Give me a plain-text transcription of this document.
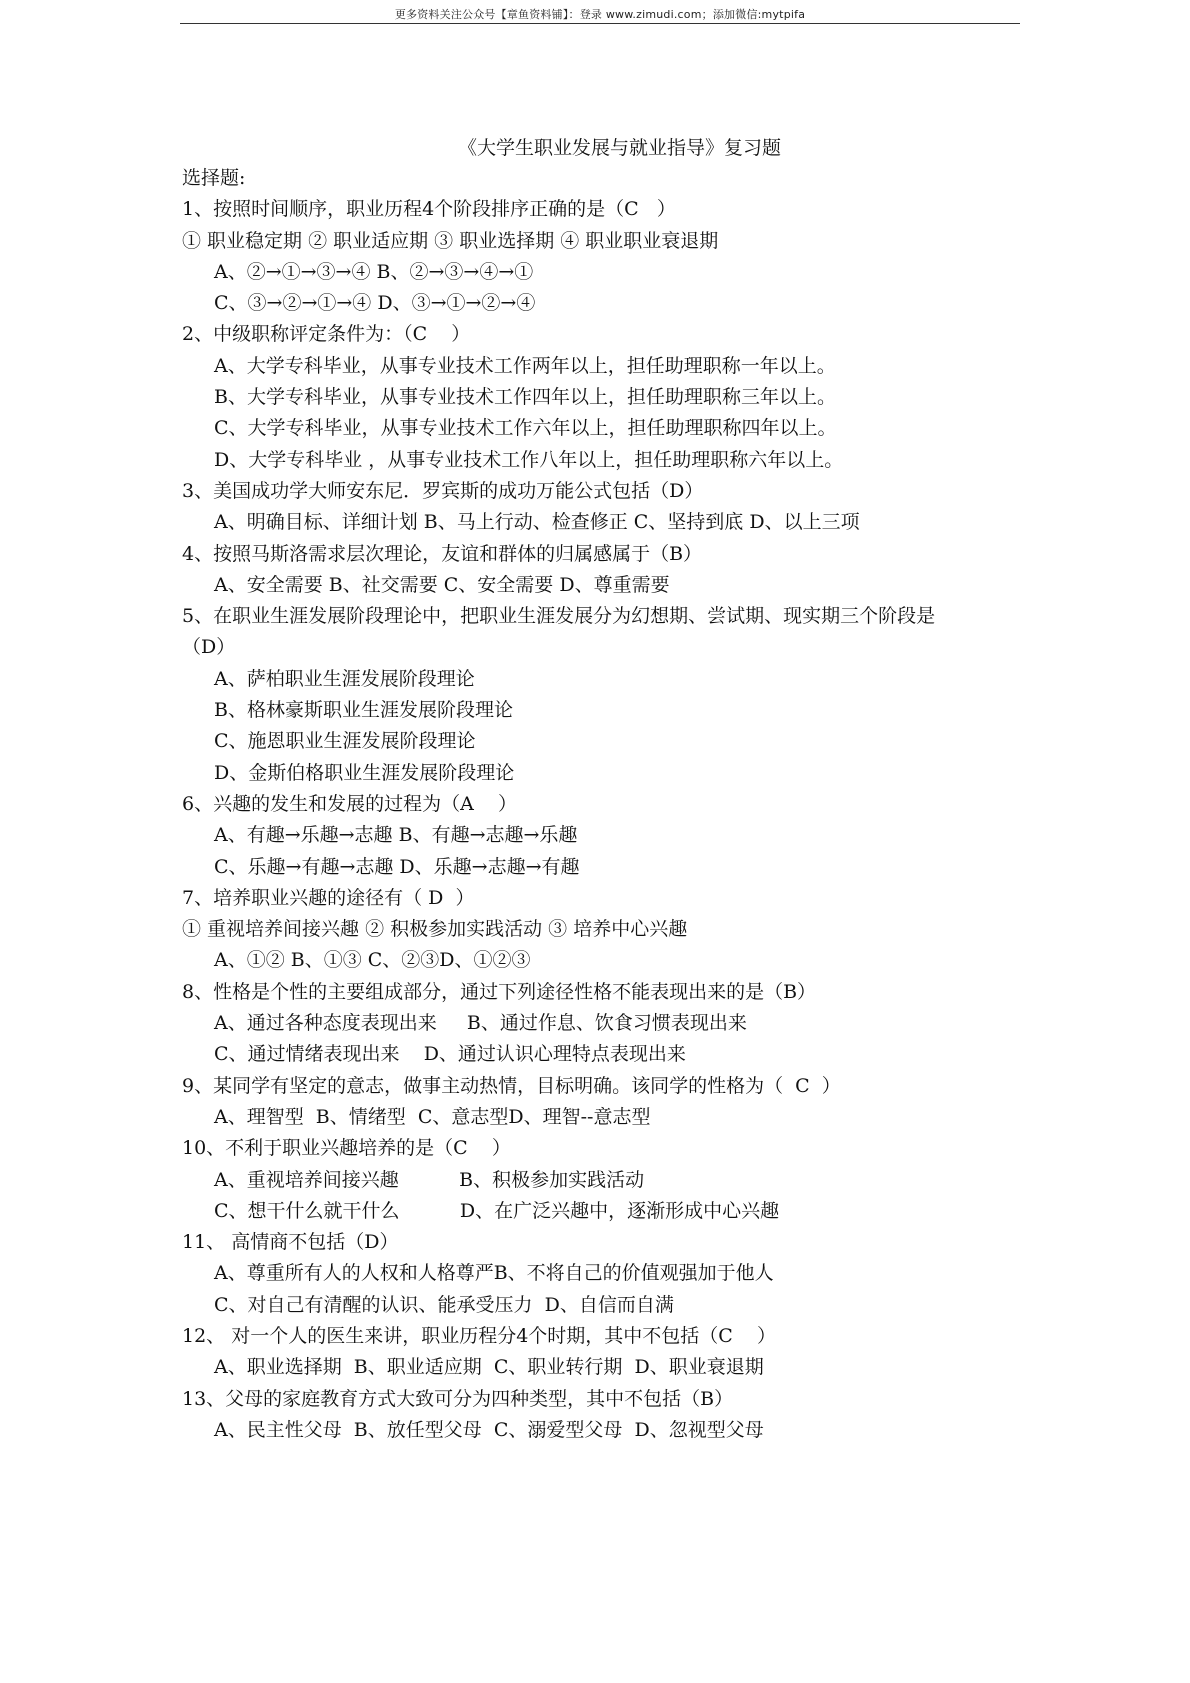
更多资料关注公众号【章鱼资料铺】：登录 www.zimudi.com；添加微信:mytpifa
《大学生职业发展与就业指导》复习题
选择题:
1、按照时间顺序，职业历程4个阶段排序正确的是（C   ）
① 职业稳定期 ② 职业适应期 ③ 职业选择期 ④ 职业职业衰退期
A、②→①→③→④ B、②→③→④→①
C、③→②→①→④ D、③→①→②→④
2、中级职称评定条件为：（C    ）
A、大学专科毕业，从事专业技术工作两年以上，担任助理职称一年以上。
B、大学专科毕业，从事专业技术工作四年以上，担任助理职称三年以上。
C、大学专科毕业，从事专业技术工作六年以上，担任助理职称四年以上。
D、大学专科毕业 ，从事专业技术工作八年以上，担任助理职称六年以上。
3、美国成功学大师安东尼．罗宾斯的成功万能公式包括（D）
A、明确目标、详细计划 B、马上行动、检查修正 C、坚持到底 D、以上三项
4、按照马斯洛需求层次理论，友谊和群体的归属感属于（B）
A、安全需要 B、社交需要 C、安全需要 D、尊重需要
5、在职业生涯发展阶段理论中，把职业生涯发展分为幻想期、尝试期、现实期三个阶段是
（D）
A、萨柏职业生涯发展阶段理论
B、格林豪斯职业生涯发展阶段理论
C、施恩职业生涯发展阶段理论
D、金斯伯格职业生涯发展阶段理论
6、兴趣的发生和发展的过程为（A    ）
A、有趣→乐趣→志趣 B、有趣→志趣→乐趣
C、乐趣→有趣→志趣 D、乐趣→志趣→有趣
7、培养职业兴趣的途径有（ D  ）
① 重视培养间接兴趣 ② 积极参加实践活动 ③ 培养中心兴趣
A、①② B、①③ C、②③D、①②③
8、性格是个性的主要组成部分，通过下列途径性格不能表现出来的是（B）
A、通过各种态度表现出来     B、通过作息、饮食习惯表现出来
C、通过情绪表现出来    D、通过认识心理特点表现出来
9、某同学有坚定的意志，做事主动热情，目标明确。该同学的性格为（  C  ）
A、理智型  B、情绪型  C、意志型D、理智--意志型
10、不利于职业兴趣培养的是（C    ）
A、重视培养间接兴趣          B、积极参加实践活动
C、想干什么就干什么          D、在广泛兴趣中，逐渐形成中心兴趣
11、 高情商不包括（D）
A、尊重所有人的人权和人格尊严B、不将自己的价值观强加于他人
C、对自己有清醒的认识、能承受压力  D、自信而自满
12、 对一个人的医生来讲，职业历程分4个时期，其中不包括（C    ）
A、职业选择期  B、职业适应期  C、职业转行期  D、职业衰退期
13、父母的家庭教育方式大致可分为四种类型，其中不包括（B）
A、民主性父母  B、放任型父母  C、溺爱型父母  D、忽视型父母
